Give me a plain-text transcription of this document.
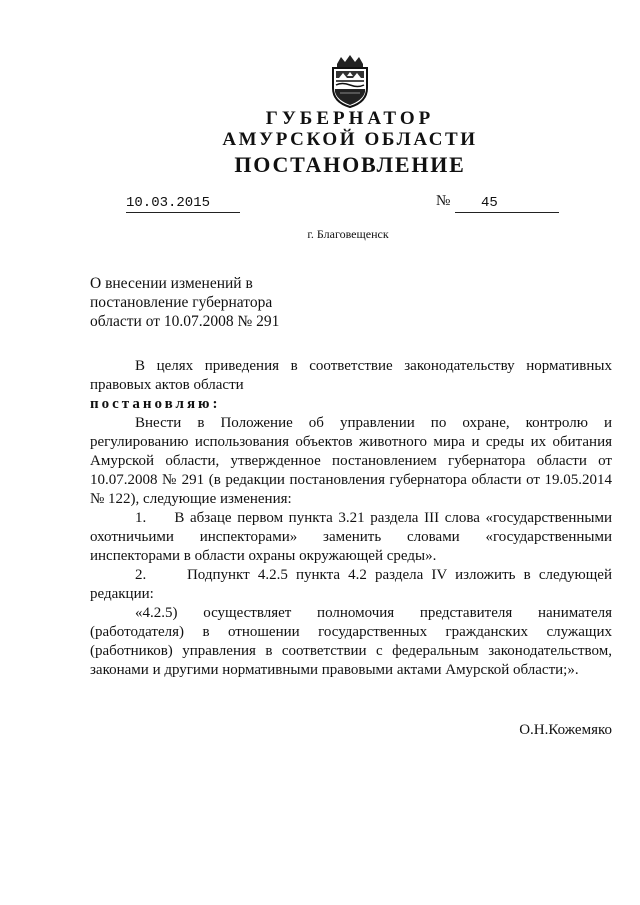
ГУБЕРНАТОР
АМУРСКОЙ ОБЛАСТИ
ПОСТАНОВЛЕНИЕ
10.03.2015	№	45
г. Благовещенск
О внесении изменений в
постановление губернатора
области от 10.07.2008 № 291

В целях приведения в соответствие законодательству нормативных правовых актов области

постановляю:

Внести в Положение об управлении по охране, контролю и регулированию использования объектов животного мира и среды их обитания Амурской области, утвержденное постановлением губернатора области от 10.07.2008 № 291 (в редакции постановления губернатора области от 19.05.2014 № 122), следующие изменения:

1.     В абзаце первом пункта 3.21 раздела III слова «государственными охотничьими инспекторами» заменить словами «государственными инспекторами в области охраны окружающей среды».

2.     Подпункт 4.2.5 пункта 4.2 раздела IV изложить в следующей редакции:

«4.2.5) осуществляет полномочия представителя нанимателя (работодателя) в отношении государственных гражданских служащих (работников) управления в соответствии с федеральным законодательством, законами и другими нормативными правовыми актами Амурской области;».

О.Н.Кожемяко
